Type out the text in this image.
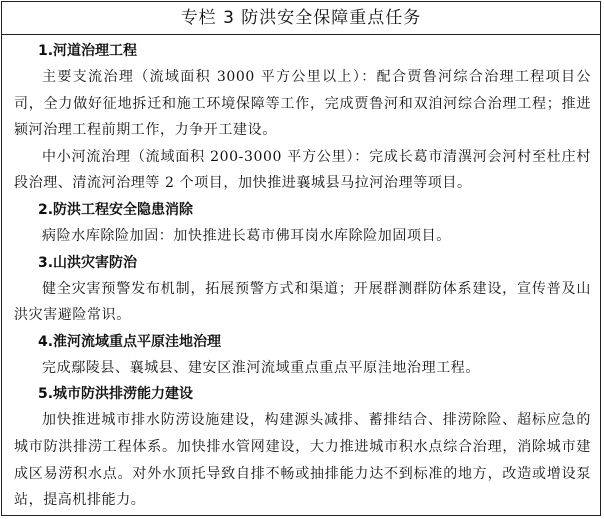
专栏 3 防洪安全保障重点任务
1.河道治理工程

主要支流治理（流域面积 3000 平方公里以上）：配合贾鲁河综合治理工程项目公司，全力做好征地拆迁和施工环境保障等工作，完成贾鲁河和双洎河综合治理工程；推进颍河治理工程前期工作，力争开工建设。

中小河流治理（流域面积 200-3000 平方公里）：完成长葛市清潩河会河村至杜庄村段治理、清流河治理等 2 个项目，加快推进襄城县马拉河治理等项目。

2.防洪工程安全隐患消除

病险水库除险加固：加快推进长葛市佛耳岗水库除险加固项目。

3.山洪灾害防治

健全灾害预警发布机制，拓展预警方式和渠道；开展群测群防体系建设，宣传普及山洪灾害避险常识。

4.淮河流域重点平原洼地治理

完成鄢陵县、襄城县、建安区淮河流域重点重点平原洼地治理工程。

5.城市防洪排涝能力建设

加快推进城市排水防涝设施建设，构建源头减排、蓄排结合、排涝除险、超标应急的城市防洪排涝工程体系。加快排水管网建设，大力推进城市积水点综合治理，消除城市建成区易涝积水点。对外水顶托导致自排不畅或抽排能力达不到标准的地方，改造或增设泵站，提高机排能力。
